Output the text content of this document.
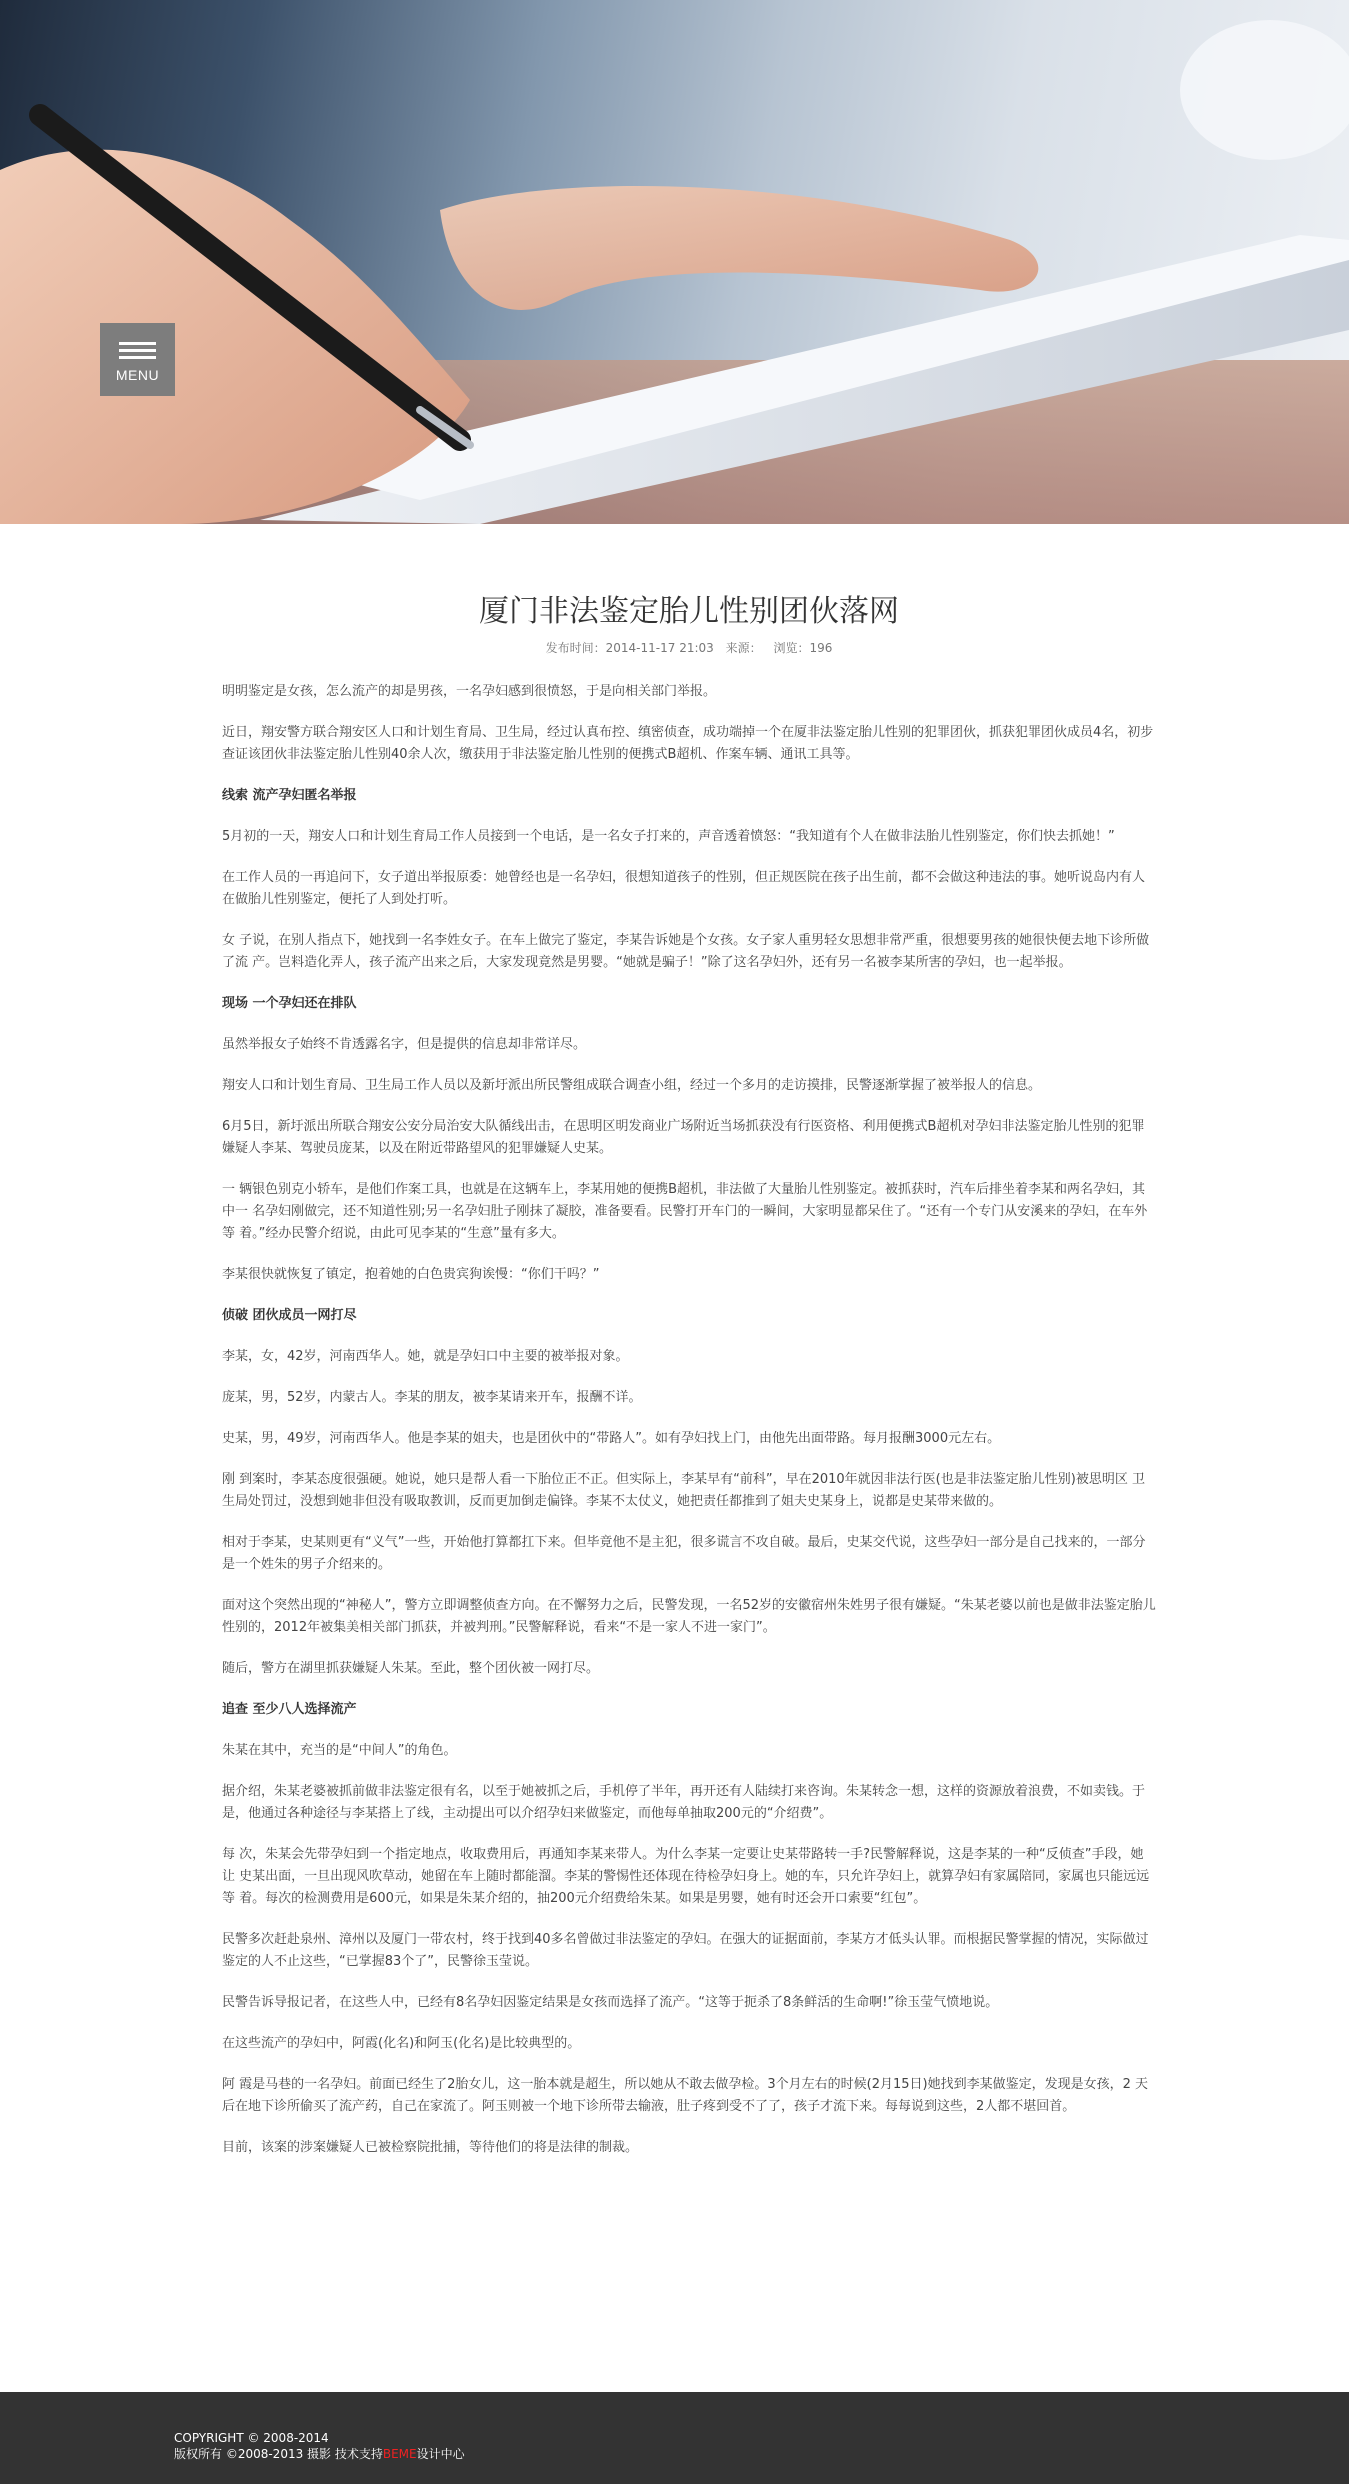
MENU
厦门非法鉴定胎儿性别团伙落网
发布时间：2014-11-17 21:03 来源： 浏览：196

明明鉴定是女孩，怎么流产的却是男孩，一名孕妇感到很愤怒，于是向相关部门举报。

近日，翔安警方联合翔安区人口和计划生育局、卫生局，经过认真布控、缜密侦查，成功端掉一个在厦非法鉴定胎儿性别的犯罪团伙，抓获犯罪团伙成员4名，初步查证该团伙非法鉴定胎儿性别40余人次，缴获用于非法鉴定胎儿性别的便携式B超机、作案车辆、通讯工具等。

线索 流产孕妇匿名举报

5月初的一天，翔安人口和计划生育局工作人员接到一个电话，是一名女子打来的，声音透着愤怒：“我知道有个人在做非法胎儿性别鉴定，你们快去抓她！”

在工作人员的一再追问下，女子道出举报原委：她曾经也是一名孕妇，很想知道孩子的性别，但正规医院在孩子出生前，都不会做这种违法的事。她听说岛内有人在做胎儿性别鉴定，便托了人到处打听。

女 子说，在别人指点下，她找到一名李姓女子。在车上做完了鉴定，李某告诉她是个女孩。女子家人重男轻女思想非常严重，很想要男孩的她很快便去地下诊所做了流 产。岂料造化弄人，孩子流产出来之后，大家发现竟然是男婴。“她就是骗子！”除了这名孕妇外，还有另一名被李某所害的孕妇，也一起举报。

现场 一个孕妇还在排队

虽然举报女子始终不肯透露名字，但是提供的信息却非常详尽。

翔安人口和计划生育局、卫生局工作人员以及新圩派出所民警组成联合调查小组，经过一个多月的走访摸排，民警逐渐掌握了被举报人的信息。

6月5日，新圩派出所联合翔安公安分局治安大队循线出击，在思明区明发商业广场附近当场抓获没有行医资格、利用便携式B超机对孕妇非法鉴定胎儿性别的犯罪嫌疑人李某、驾驶员庞某，以及在附近带路望风的犯罪嫌疑人史某。

一 辆银色别克小轿车，是他们作案工具，也就是在这辆车上，李某用她的便携B超机，非法做了大量胎儿性别鉴定。被抓获时，汽车后排坐着李某和两名孕妇，其中一 名孕妇刚做完，还不知道性别;另一名孕妇肚子刚抹了凝胶，准备要看。民警打开车门的一瞬间，大家明显都呆住了。“还有一个专门从安溪来的孕妇，在车外等 着。”经办民警介绍说，由此可见李某的“生意”量有多大。

李某很快就恢复了镇定，抱着她的白色贵宾狗诶慢：“你们干吗？”

侦破 团伙成员一网打尽

李某，女，42岁，河南西华人。她，就是孕妇口中主要的被举报对象。

庞某，男，52岁，内蒙古人。李某的朋友，被李某请来开车，报酬不详。

史某，男，49岁，河南西华人。他是李某的姐夫，也是团伙中的“带路人”。如有孕妇找上门，由他先出面带路。每月报酬3000元左右。

刚 到案时，李某态度很强硬。她说，她只是帮人看一下胎位正不正。但实际上，李某早有“前科”，早在2010年就因非法行医(也是非法鉴定胎儿性别)被思明区 卫生局处罚过，没想到她非但没有吸取教训，反而更加倒走偏锋。李某不太仗义，她把责任都推到了姐夫史某身上，说都是史某带来做的。

相对于李某，史某则更有“义气”一些，开始他打算都扛下来。但毕竟他不是主犯，很多谎言不攻自破。最后，史某交代说，这些孕妇一部分是自己找来的，一部分是一个姓朱的男子介绍来的。

面对这个突然出现的“神秘人”，警方立即调整侦查方向。在不懈努力之后，民警发现，一名52岁的安徽宿州朱姓男子很有嫌疑。“朱某老婆以前也是做非法鉴定胎儿性别的，2012年被集美相关部门抓获，并被判刑。”民警解释说，看来“不是一家人不进一家门”。

随后，警方在湖里抓获嫌疑人朱某。至此，整个团伙被一网打尽。

追查 至少八人选择流产

朱某在其中，充当的是“中间人”的角色。

据介绍，朱某老婆被抓前做非法鉴定很有名，以至于她被抓之后，手机停了半年，再开还有人陆续打来咨询。朱某转念一想，这样的资源放着浪费，不如卖钱。于是，他通过各种途径与李某搭上了线，主动提出可以介绍孕妇来做鉴定，而他每单抽取200元的“介绍费”。

每 次，朱某会先带孕妇到一个指定地点，收取费用后，再通知李某来带人。为什么李某一定要让史某带路转一手?民警解释说，这是李某的一种“反侦查”手段，她让 史某出面，一旦出现风吹草动，她留在车上随时都能溜。李某的警惕性还体现在待检孕妇身上。她的车，只允许孕妇上，就算孕妇有家属陪同，家属也只能远远等 着。每次的检测费用是600元，如果是朱某介绍的，抽200元介绍费给朱某。如果是男婴，她有时还会开口索要“红包”。

民警多次赶赴泉州、漳州以及厦门一带农村，终于找到40多名曾做过非法鉴定的孕妇。在强大的证据面前，李某方才低头认罪。而根据民警掌握的情况，实际做过鉴定的人不止这些，“已掌握83个了”，民警徐玉莹说。

民警告诉导报记者，在这些人中，已经有8名孕妇因鉴定结果是女孩而选择了流产。“这等于扼杀了8条鲜活的生命啊!”徐玉莹气愤地说。

在这些流产的孕妇中，阿霞(化名)和阿玉(化名)是比较典型的。

阿 霞是马巷的一名孕妇。前面已经生了2胎女儿，这一胎本就是超生，所以她从不敢去做孕检。3个月左右的时候(2月15日)她找到李某做鉴定，发现是女孩，2 天后在地下诊所偷买了流产药，自己在家流了。阿玉则被一个地下诊所带去输液，肚子疼到受不了了，孩子才流下来。每每说到这些，2人都不堪回首。

目前，该案的涉案嫌疑人已被检察院批捕，等待他们的将是法律的制裁。

COPYRIGHT © 2008-2014
版权所有 ©2008-2013 摄影 技术支持BEME设计中心
